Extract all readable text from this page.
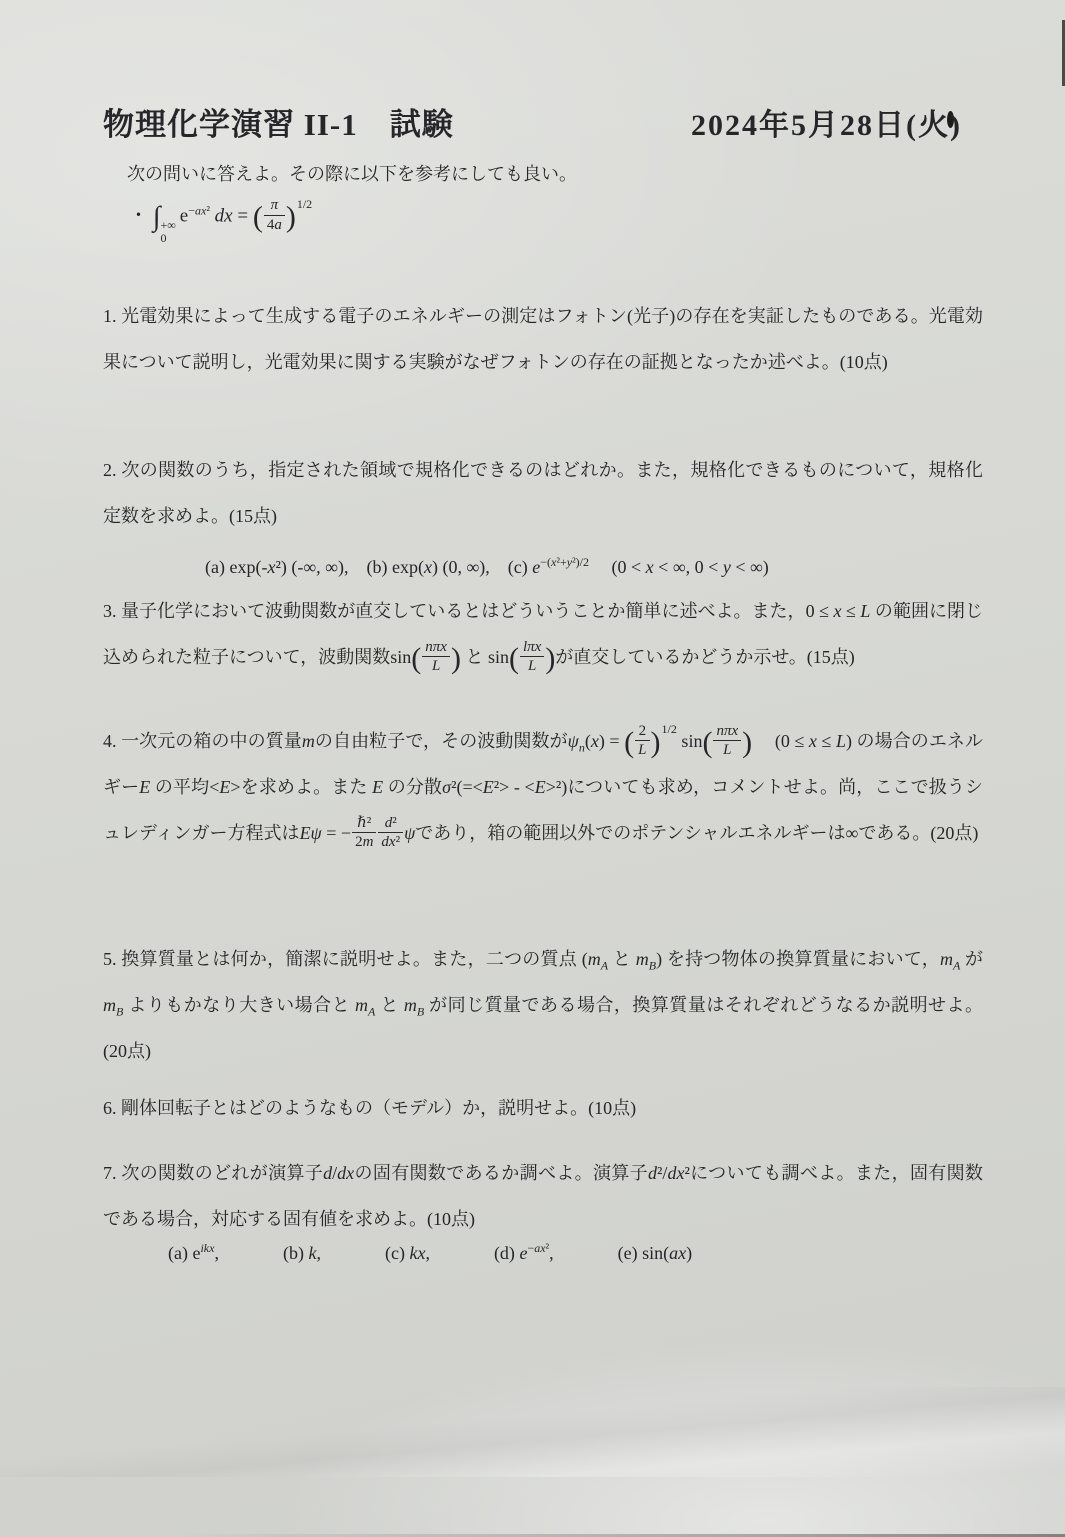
物理化学演習 II-1　試験	2024年5月28日(火)

次の問いに答えよ。その際に以下を参考にしても良い。

・ ∫ +∞
0
$e^{-ax^2}$ dx = ( $\frac{\pi}{4a} )^{1/2}$

1. 光電効果によって生成する電子のエネルギーの測定はフォトン(光子)の存在を実証したものである。光電効果について説明し，光電効果に関する実験がなぜフォトンの存在の証拠となったか述べよ。(10点)

2. 次の関数のうち，指定された領域で規格化できるのはどれか。また，規格化できるものについて，規格化定数を求めよ。(15点)

(a) exp(-x²) (-∞, ∞),　(b) exp(x) (0, ∞),　(c) $e^{-(x^2+y^2)/2}$　 (0 < x < ∞, 0 < y < ∞)

3. 量子化学において波動関数が直交しているとはどういうことか簡単に述べよ。また，0 ≤ x ≤ L の範囲に閉じ込められた粒子について，波動関数$\sin( \frac{\text{nπx}}{L}$ ) と $\sin( \frac{\text{lπx}}{L}$ )が直交しているかどうか示せ。(15点)

4. 一次元の箱の中の質量mの自由粒子で，その波動関数が$\psi_n(x)$ = ( $\frac{2}{L} )^{1/2}$ $\sin( \frac{\text{nπx}}{L}$ )　 (0 ≤ x ≤ L) の場合のエネルギーE の平均<E>を求めよ。また E の分散σ²(=<E²> - <E>²)についても求め，コメントせよ。尚，ここで扱うシュレディンガー方程式はEψ = − $\frac{\text{ℏ²}}{2m} \frac{\text{d²}}{\text{dx²}}$ ψであり，箱の範囲以外でのポテンシャルエネルギーは∞である。(20点)

5. 換算質量とは何か，簡潔に説明せよ。また，二つの質点 ($m_A$ と $m_B$) を持つ物体の換算質量において，$m_A$ が $m_B$ よりもかなり大きい場合と $m_A$ と $m_B$ が同じ質量である場合，換算質量はそれぞれどうなるか説明せよ。(20点)

6. 剛体回転子とはどのようなもの（モデル）か，説明せよ。(10点)

7. 次の関数のどれが演算子d/dxの固有関数であるか調べよ。演算子d²/dx²についても調べよ。また，固有関数である場合，対応する固有値を求めよ。(10点)

(a) $e^{ikx}$,	(b) k,	(c) kx,	(d) $e^{-ax^2}$,	(e) sin(ax)
